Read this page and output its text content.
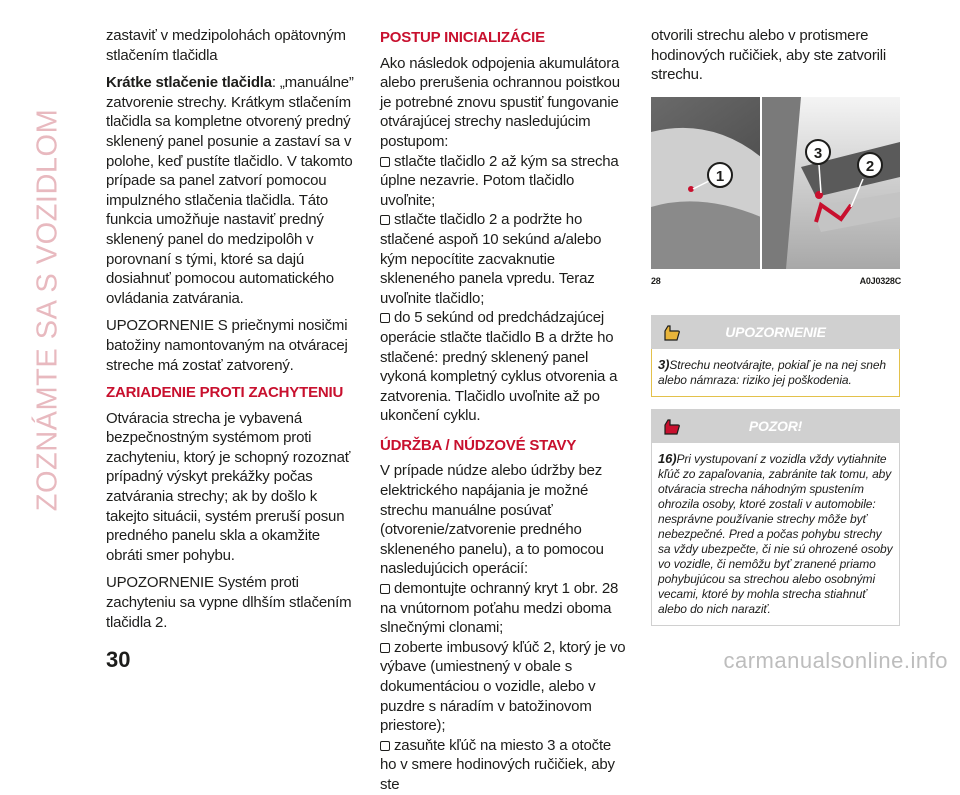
ZOZNÁMTE SA S VOZIDLOM

zastaviť v medzipolohách opätovným stlačením tlačidla

Krátke stlačenie tlačidla: „manuálne” zatvorenie strechy. Krátkym stlačením tlačidla sa kompletne otvorený predný sklenený panel posunie a zastaví sa v polohe, keď pustíte tlačidlo. V takomto prípade sa panel zatvorí pomocou impulzného stlačenia tlačidla. Táto funkcia umožňuje nastaviť predný sklenený panel do medzipolôh v porovnaní s tými, ktoré sa dajú dosiahnuť pomocou automatického ovládania zatvárania.

UPOZORNENIE S priečnymi nosičmi batožiny namontovaným na otváracej streche má zostať zatvorený.

ZARIADENIE PROTI ZACHYTENIU

Otváracia strecha je vybavená bezpečnostným systémom proti zachyteniu, ktorý je schopný rozoznať prípadný výskyt prekážky počas zatvárania strechy; ak by došlo k takejto situácii, systém preruší posun predného panelu skla a okamžite obráti smer pohybu.

UPOZORNENIE Systém proti zachyteniu sa vypne dlhším stlačením tlačidla 2.

POSTUP INICIALIZÁCIE
Ako následok odpojenia akumulátora alebo prerušenia ochrannou poistkou je potrebné znovu spustiť fungovanie otvárajúcej strechy nasledujúcim postupom:
stlačte tlačidlo 2 až kým sa strecha úplne nezavrie. Potom tlačidlo uvoľnite;
stlačte tlačidlo 2 a podržte ho stlačené aspoň 10 sekúnd a/alebo kým nepocítite zacvaknutie skleneného panela vpredu. Teraz uvoľnite tlačidlo;
do 5 sekúnd od predchádzajúcej operácie stlačte tlačidlo B a držte ho stlačené: predný sklenený panel vykoná kompletný cyklus otvorenia a zatvorenia. Tlačidlo uvoľnite až po ukončení cyklu.
ÚDRŽBA / NÚDZOVÉ STAVY
V prípade núdze alebo údržby bez elektrického napájania je možné strechu manuálne posúvať (otvorenie/zatvorenie predného skleneného panelu), a to pomocou nasledujúcich operácií:
demontujte ochranný kryt 1 obr. 28 na vnútornom poťahu medzi oboma slnečnými clonami;
zoberte imbusový kľúč 2, ktorý je vo výbave (umiestnený v obale s dokumentáciou o vozidle, alebo v puzdre s náradím v batožinovom priestore);
zasuňte kľúč na miesto 3 a otočte ho v smere hodinových ručičiek, aby ste
otvorili strechu alebo v protismere hodinových ručičiek, aby ste zatvorili strechu.
1
2
3
28	A0J0328C
UPOZORNENIE
3)Strechu neotvárajte, pokiaľ je na nej sneh alebo námraza: riziko jej poškodenia.
POZOR!
16)Pri vystupovaní z vozidla vždy vytiahnite kľúč zo zapaľovania, zabránite tak tomu, aby otváracia strecha náhodným spustením ohrozila osoby, ktoré zostali v automobile: nesprávne používanie strechy môže byť nebezpečné. Pred a počas pohybu strechy sa vždy ubezpečte, či nie sú ohrozené osoby vo vozidle, či nemôžu byť zranené priamo pohybujúcou sa strechou alebo osobnými vecami, ktoré by mohla strecha stiahnuť alebo do nich naraziť.
30	carmanualsonline.info
